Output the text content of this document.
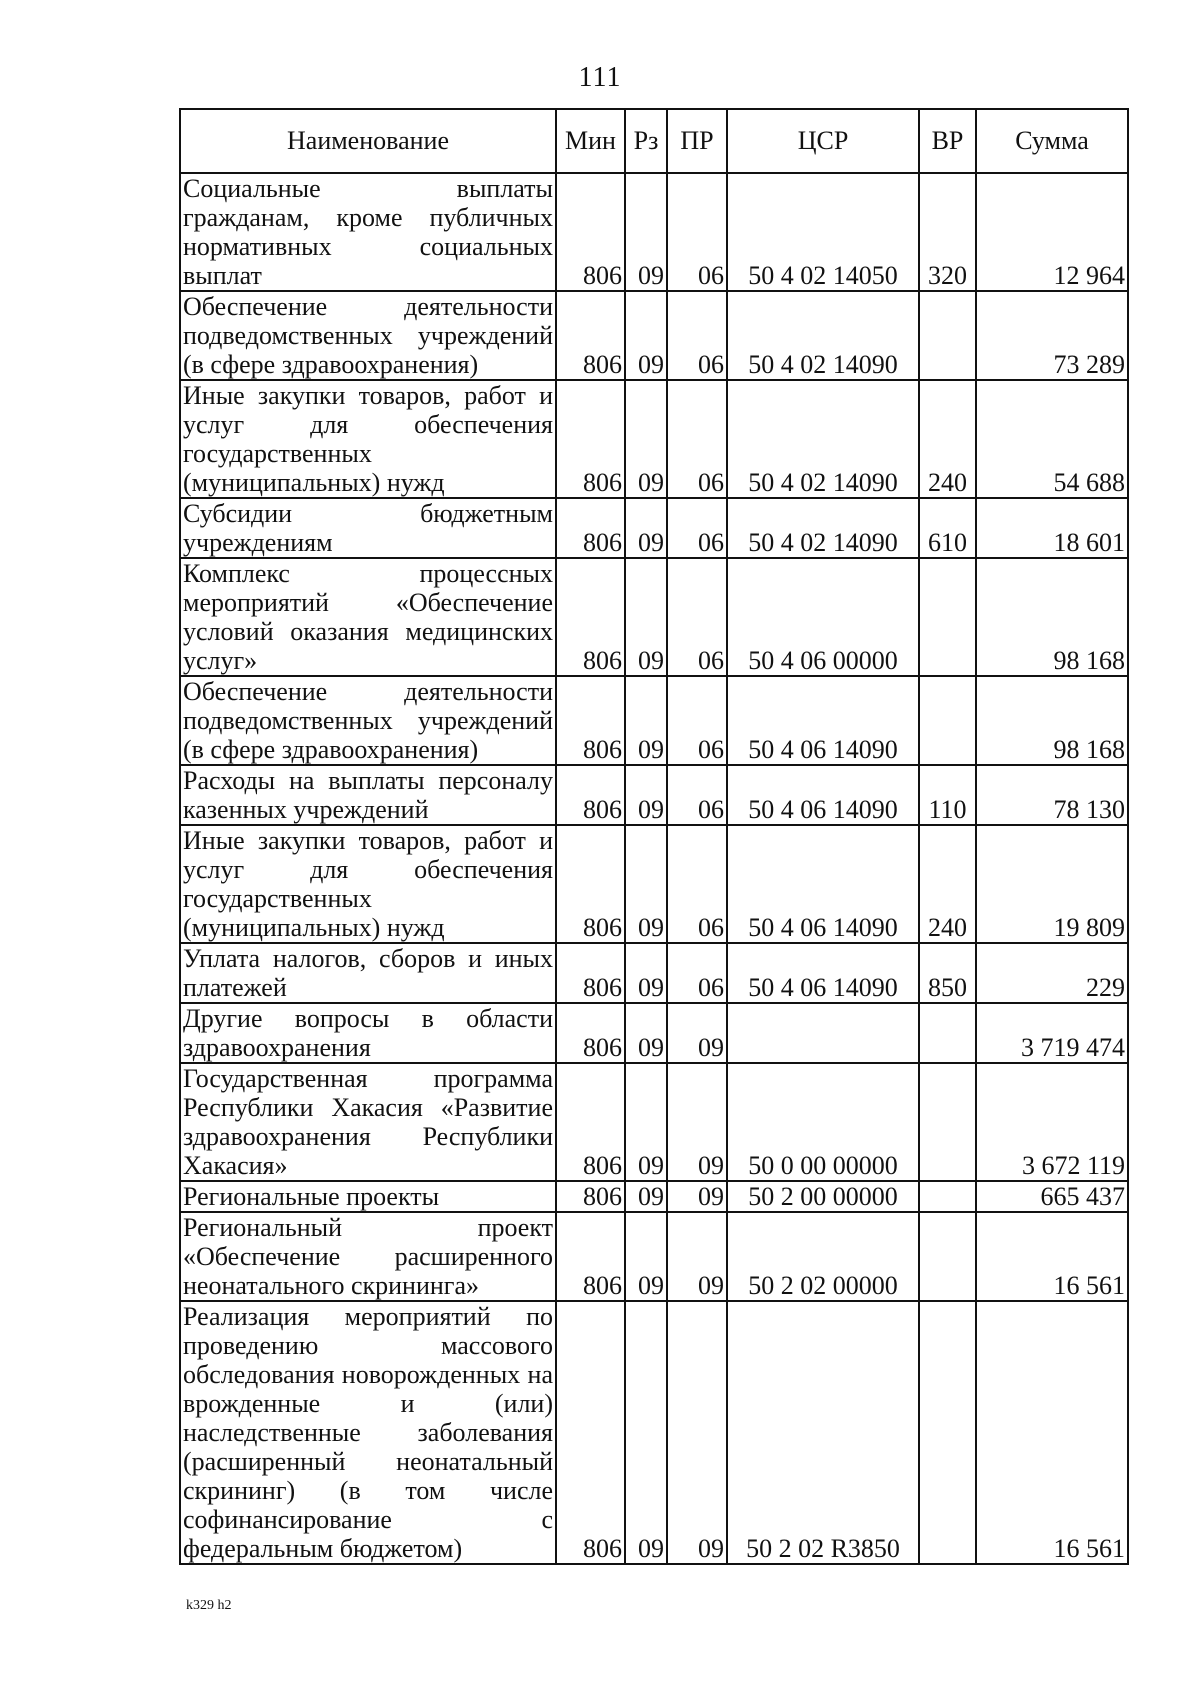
111
Наименование	Мин	Рз	ПР	ЦСР	ВР	Сумма
Социальные выплаты гражданам, кроме публичных нормативных социальных выплат	806	09	06	50 4 02 14050	320	12 964
Обеспечение деятельности подведомственных учреждений (в сфере здравоохранения)	806	09	06	50 4 02 14090		73 289
Иные закупки товаров, работ и услуг для обеспечения государственных (муниципальных) нужд	806	09	06	50 4 02 14090	240	54 688
Субсидии бюджетным учреждениям	806	09	06	50 4 02 14090	610	18 601
Комплекс процессных мероприятий «Обеспечение условий оказания медицинских услуг»	806	09	06	50 4 06 00000		98 168
Обеспечение деятельности подведомственных учреждений (в сфере здравоохранения)	806	09	06	50 4 06 14090		98 168
Расходы на выплаты персоналу казенных учреждений	806	09	06	50 4 06 14090	110	78 130
Иные закупки товаров, работ и услуг для обеспечения государственных (муниципальных) нужд	806	09	06	50 4 06 14090	240	19 809
Уплата налогов, сборов и иных платежей	806	09	06	50 4 06 14090	850	229
Другие вопросы в области здравоохранения	806	09	09			3 719 474
Государственная программа Республики Хакасия «Развитие здравоохранения Республики Хакасия»	806	09	09	50 0 00 00000		3 672 119
Региональные проекты	806	09	09	50 2 00 00000		665 437
Региональный проект «Обеспечение расширенного неонатального скрининга»	806	09	09	50 2 02 00000		16 561
Реализация мероприятий по проведению массового обследования новорожденных на врожденные и (или) наследственные заболевания (расширенный неонатальный скрининг) (в том числе софинансирование с федеральным бюджетом)	806	09	09	50 2 02 R3850		16 561
k329 h2
